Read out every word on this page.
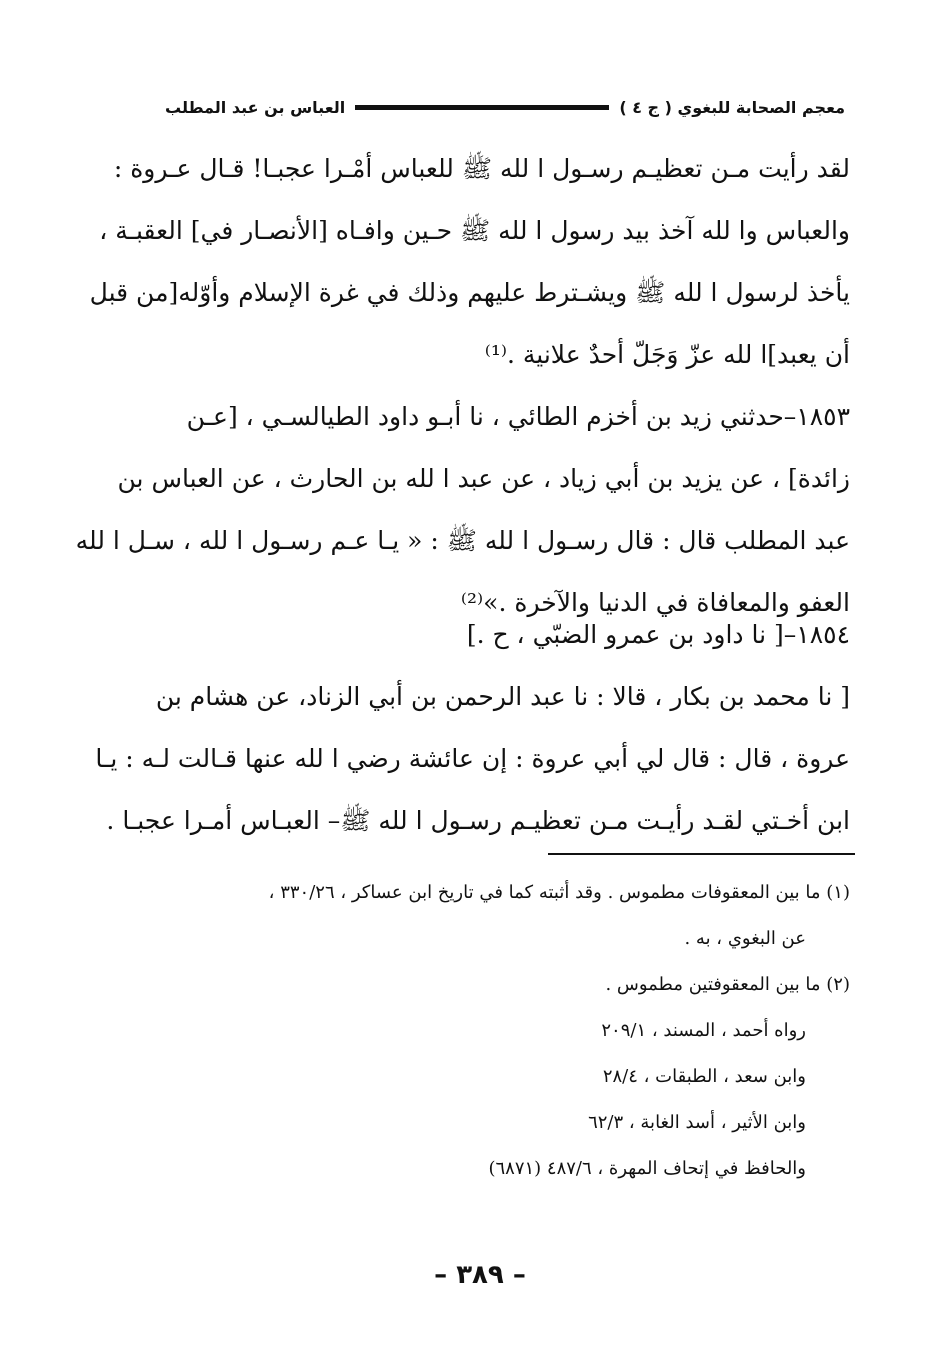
معجم الصحابة للبغوي ( ج ٤ )
العباس بن عبد المطلب
لقد رأيت مـن تعظيـم رسـول ا لله ﷺ للعباس أمْـرا عجبـا! قـال عـروة :
والعباس وا لله آخذ بيد رسول ا لله ﷺ حـين وافـاه [الأنصـار في] العقبـة ،
يأخذ لرسول ا لله ﷺ ويشـترط عليهم وذلك في غرة الإسلام وأوّله[من قبل
أن يعبد]ا لله عزّ وَجَلّ أحدٌ علانية .⁽¹⁾
١٨٥٣–حدثني زيد بن أخزم الطائي ، نا أبـو داود الطيالسـي ، [عـن
زائدة] ، عن يزيد بن أبي زياد ، عن عبد ا لله بن الحارث ، عن العباس بن
عبد المطلب قال : قال رسـول ا لله ﷺ : « يـا عـم رسـول ا لله ، سـل ا لله
العفو والمعافاة في الدنيا والآخرة .»⁽²⁾
١٨٥٤–[ نا داود بن عمرو الضبّي ، ح .]
[ نا محمد بن بكار ، قالا : نا عبد الرحمن بن أبي الزناد، عن هشام بن
عروة ، قال : قال لي أبي عروة : إن عائشة رضي ا لله عنها قـالت لـه : يـا
ابن أخـتي لقـد رأيـت مـن تعظيـم رسـول ا لله ﷺ– العبـاس أمـرا عجبـا .
(١) ما بين المعقوفات مطموس . وقد أثبته كما في تاريخ ابن عساكر ، ٣٣٠/٢٦ ،
عن البغوي ، به .
(٢) ما بين المعقوفتين مطموس .
رواه أحمد ، المسند ، ٢٠٩/١
وابن سعد ، الطبقات ، ٢٨/٤
وابن الأثير ، أسد الغابة ، ٦٢/٣
والحافظ في إتحاف المهرة ، ٤٨٧/٦ (٦٨٧١)
– ٣٨٩ –
